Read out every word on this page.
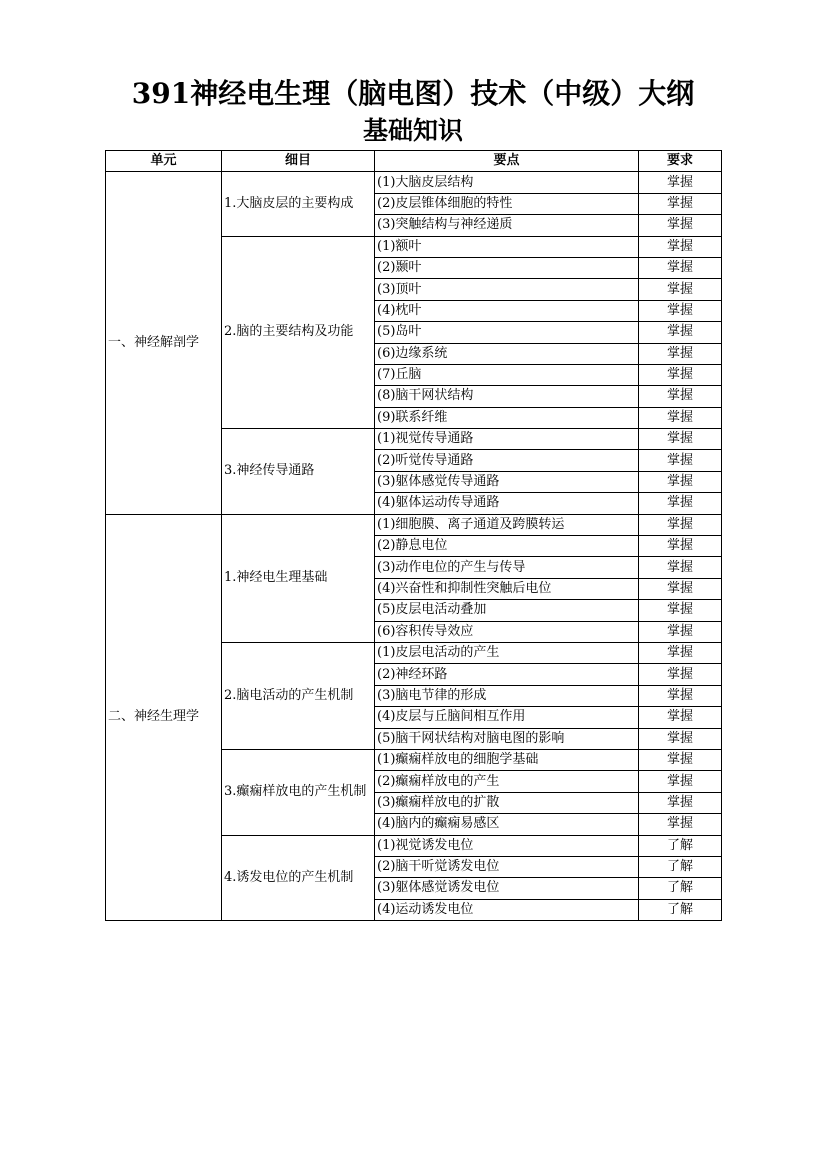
391神经电生理（脑电图）技术（中级）大纲
基础知识
单元	细目	要点	要求
一、神经解剖学	1.大脑皮层的主要构成	(1)大脑皮层结构	掌握
		(2)皮层锥体细胞的特性	掌握
		(3)突触结构与神经递质	掌握
	2.脑的主要结构及功能	(1)额叶	掌握
		(2)颞叶	掌握
		(3)顶叶	掌握
		(4)枕叶	掌握
		(5)岛叶	掌握
		(6)边缘系统	掌握
		(7)丘脑	掌握
		(8)脑干网状结构	掌握
		(9)联系纤维	掌握
	3.神经传导通路	(1)视觉传导通路	掌握
		(2)听觉传导通路	掌握
		(3)躯体感觉传导通路	掌握
		(4)躯体运动传导通路	掌握
二、神经生理学	1.神经电生理基础	(1)细胞膜、离子通道及跨膜转运	掌握
		(2)静息电位	掌握
		(3)动作电位的产生与传导	掌握
		(4)兴奋性和抑制性突触后电位	掌握
		(5)皮层电活动叠加	掌握
		(6)容积传导效应	掌握
	2.脑电活动的产生机制	(1)皮层电活动的产生	掌握
		(2)神经环路	掌握
		(3)脑电节律的形成	掌握
		(4)皮层与丘脑间相互作用	掌握
		(5)脑干网状结构对脑电图的影响	掌握
	3.癫痫样放电的产生机制	(1)癫痫样放电的细胞学基础	掌握
		(2)癫痫样放电的产生	掌握
		(3)癫痫样放电的扩散	掌握
		(4)脑内的癫痫易感区	掌握
	4.诱发电位的产生机制	(1)视觉诱发电位	了解
		(2)脑干听觉诱发电位	了解
		(3)躯体感觉诱发电位	了解
		(4)运动诱发电位	了解
